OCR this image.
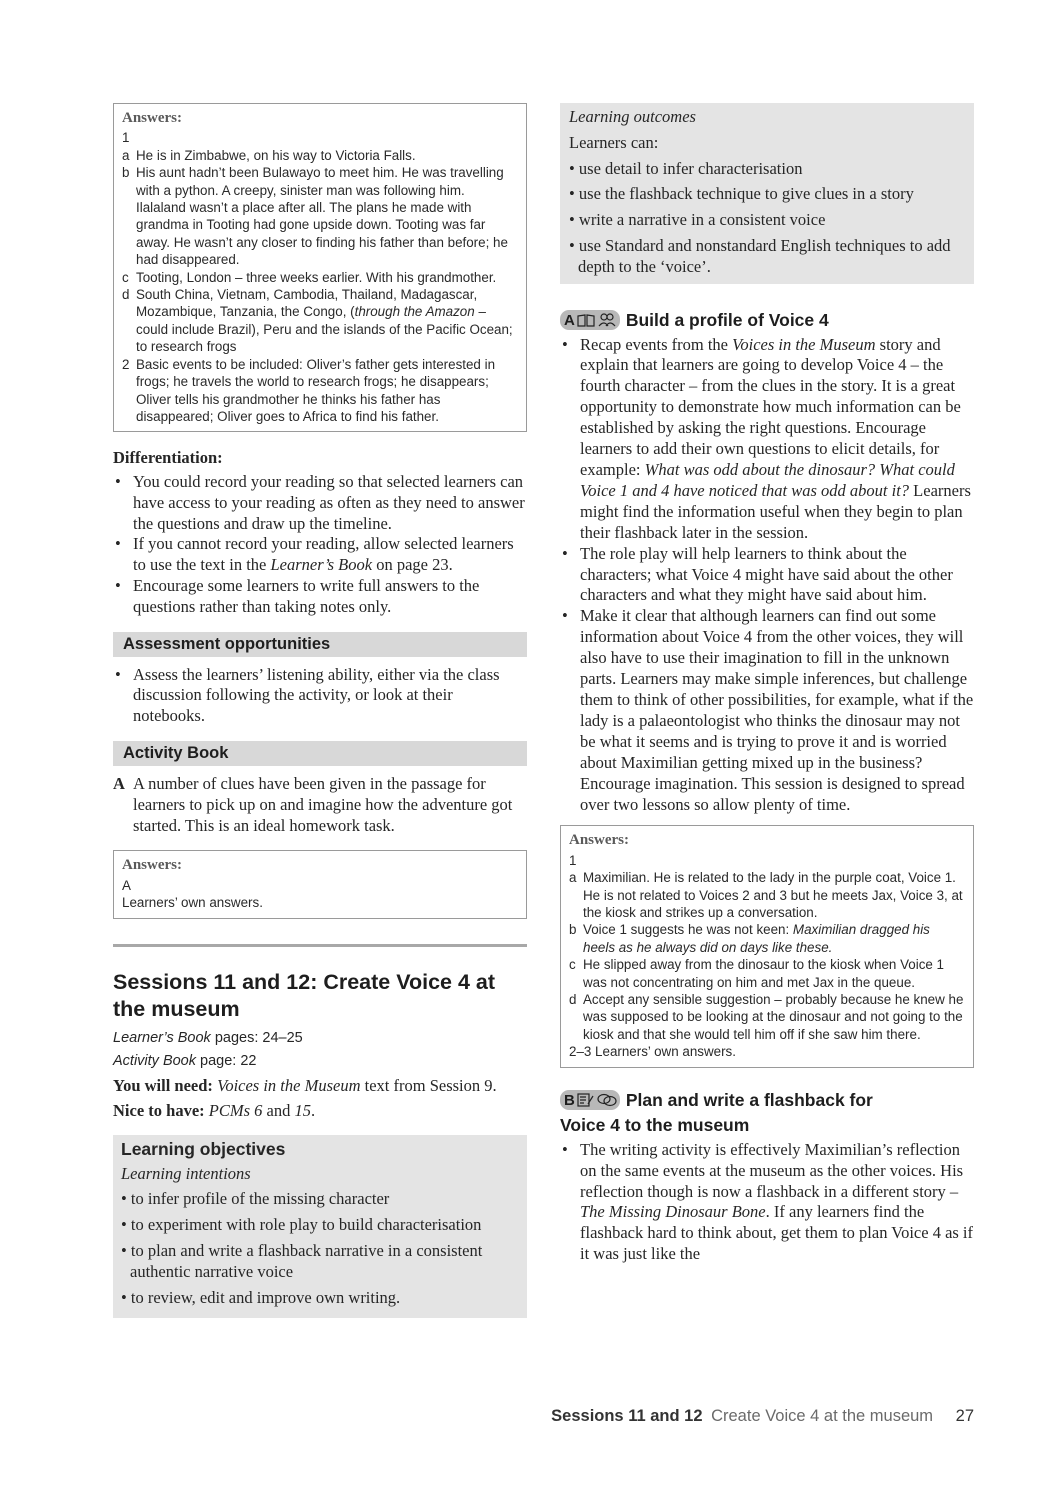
Answers:
1
a He is in Zimbabwe, on his way to Victoria Falls.
b His aunt hadn’t been Bulawayo to meet him. He was travelling with a python. A creepy, sinister man was following him. Ilalaland wasn’t a place after all. The plans he made with grandma in Tooting had gone upside down. Tooting was far away. He wasn’t any closer to finding his father than before; he had disappeared.
c Tooting, London – three weeks earlier. With his grandmother.
d South China, Vietnam, Cambodia, Thailand, Madagascar, Mozambique, Tanzania, the Congo, (through the Amazon – could include Brazil), Peru and the islands of the Pacific Ocean; to research frogs
2 Basic events to be included: Oliver’s father gets interested in frogs; he travels the world to research frogs; he disappears; Oliver tells his grandmother he thinks his father has disappeared; Oliver goes to Africa to find his father.
Differentiation:
• You could record your reading so that selected learners can have access to your reading as often as they need to answer the questions and draw up the timeline.
• If you cannot record your reading, allow selected learners to use the text in the Learner’s Book on page 23.
• Encourage some learners to write full answers to the questions rather than taking notes only.
Assessment opportunities
• Assess the learners’ listening ability, either via the class discussion following the activity, or look at their notebooks.
Activity Book
A A number of clues have been given in the passage for learners to pick up on and imagine how the adventure got started. This is an ideal homework task.
Answers:
A
Learners’ own answers.
Sessions 11 and 12: Create Voice 4 at the museum
Learner’s Book pages: 24–25
Activity Book page: 22
You will need: Voices in the Museum text from Session 9.
Nice to have: PCMs 6 and 15.
Learning objectives
Learning intentions
• to infer profile of the missing character
• to experiment with role play to build characterisation
• to plan and write a flashback narrative in a consistent authentic narrative voice
• to review, edit and improve own writing.
Learning outcomes
Learners can:
• use detail to infer characterisation
• use the flashback technique to give clues in a story
• write a narrative in a consistent voice
• use Standard and nonstandard English techniques to add depth to the ‘voice’.
A	Build a profile of Voice 4
• Recap events from the Voices in the Museum story and explain that learners are going to develop Voice 4 – the fourth character – from the clues in the story. It is a great opportunity to demonstrate how much information can be established by asking the right questions. Encourage learners to add their own questions to elicit details, for example: What was odd about the dinosaur? What could Voice 1 and 4 have noticed that was odd about it? Learners might find the information useful when they begin to plan their flashback later in the session.
• The role play will help learners to think about the characters; what Voice 4 might have said about the other characters and what they might have said about him.
• Make it clear that although learners can find out some information about Voice 4 from the other voices, they will also have to use their imagination to fill in the unknown parts. Learners may make simple inferences, but challenge them to think of other possibilities, for example, what if the lady is a palaeontologist who thinks the dinosaur may not be what it seems and is trying to prove it and is worried about Maximilian getting mixed up in the business? Encourage imagination. This session is designed to spread over two lessons so allow plenty of time.
Answers:
1
a Maximilian. He is related to the lady in the purple coat, Voice 1. He is not related to Voices 2 and 3 but he meets Jax, Voice 3, at the kiosk and strikes up a conversation.
b Voice 1 suggests he was not keen: Maximilian dragged his heels as he always did on days like these.
c He slipped away from the dinosaur to the kiosk when Voice 1 was not concentrating on him and met Jax in the queue.
d Accept any sensible suggestion – probably because he knew he was supposed to be looking at the dinosaur and not going to the kiosk and that she would tell him off if she saw him there.
2–3 Learners’ own answers.
B	Plan and write a flashback for
Voice 4 to the museum
• The writing activity is effectively Maximilian’s reflection on the same events at the museum as the other voices. His reflection though is now a flashback in a different story – The Missing Dinosaur Bone. If any learners find the flashback hard to think about, get them to plan Voice 4 as if it was just like the
Sessions 11 and 12 Create Voice 4 at the museum 27
